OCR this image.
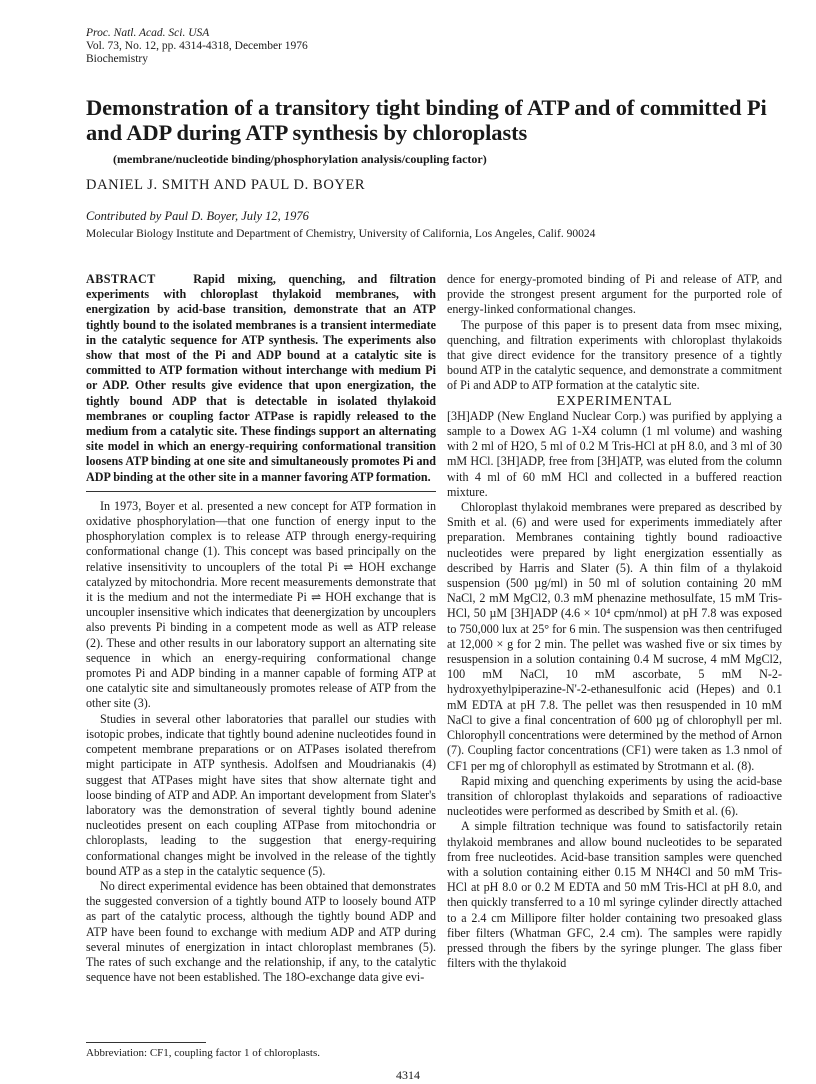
Proc. Natl. Acad. Sci. USA
Vol. 73, No. 12, pp. 4314-4318, December 1976
Biochemistry
Demonstration of a transitory tight binding of ATP and of committed Pi and ADP during ATP synthesis by chloroplasts
(membrane/nucleotide binding/phosphorylation analysis/coupling factor)
DANIEL J. SMITH AND PAUL D. BOYER
Contributed by Paul D. Boyer, July 12, 1976
Molecular Biology Institute and Department of Chemistry, University of California, Los Angeles, Calif. 90024

ABSTRACT	Rapid mixing, quenching, and filtration experiments with chloroplast thylakoid membranes, with energization by acid-base transition, demonstrate that an ATP tightly bound to the isolated membranes is a transient intermediate in the catalytic sequence for ATP synthesis. The experiments also show that most of the Pi and ADP bound at a catalytic site is committed to ATP formation without interchange with medium Pi or ADP. Other results give evidence that upon energization, the tightly bound ADP that is detectable in isolated thylakoid membranes or coupling factor ATPase is rapidly released to the medium from a catalytic site. These findings support an alternating site model in which an energy-requiring conformational transition loosens ATP binding at one site and simultaneously promotes Pi and ADP binding at the other site in a manner favoring ATP formation.

In 1973, Boyer et al. presented a new concept for ATP formation in oxidative phosphorylation—that one function of energy input to the phosphorylation complex is to release ATP through energy-requiring conformational change (1). This concept was based principally on the relative insensitivity to uncouplers of the total Pi ⇌ HOH exchange catalyzed by mitochondria. More recent measurements demonstrate that it is the medium and not the intermediate Pi ⇌ HOH exchange that is uncoupler insensitive which indicates that deenergization by uncouplers also prevents Pi binding in a competent mode as well as ATP release (2). These and other results in our laboratory support an alternating site sequence in which an energy-requiring conformational change promotes Pi and ADP binding in a manner capable of forming ATP at one catalytic site and simultaneously promotes release of ATP from the other site (3).

Studies in several other laboratories that parallel our studies with isotopic probes, indicate that tightly bound adenine nucleotides found in competent membrane preparations or on ATPases isolated therefrom might participate in ATP synthesis. Adolfsen and Moudrianakis (4) suggest that ATPases might have sites that show alternate tight and loose binding of ATP and ADP. An important development from Slater's laboratory was the demonstration of several tightly bound adenine nucleotides present on each coupling ATPase from mitochondria or chloroplasts, leading to the suggestion that energy-requiring conformational changes might be involved in the release of the tightly bound ATP as a step in the catalytic sequence (5).

No direct experimental evidence has been obtained that demonstrates the suggested conversion of a tightly bound ATP to loosely bound ATP as part of the catalytic process, although the tightly bound ADP and ATP have been found to exchange with medium ADP and ATP during several minutes of energization in intact chloroplast membranes (5). The rates of such exchange and the relationship, if any, to the catalytic sequence have not been established. The 18O-exchange data give evi-

dence for energy-promoted binding of Pi and release of ATP, and provide the strongest present argument for the purported role of energy-linked conformational changes.

The purpose of this paper is to present data from msec mixing, quenching, and filtration experiments with chloroplast thylakoids that give direct evidence for the transitory presence of a tightly bound ATP in the catalytic sequence, and demonstrate a commitment of Pi and ADP to ATP formation at the catalytic site.

EXPERIMENTAL

[3H]ADP (New England Nuclear Corp.) was purified by applying a sample to a Dowex AG 1-X4 column (1 ml volume) and washing with 2 ml of H2O, 5 ml of 0.2 M Tris-HCl at pH 8.0, and 3 ml of 30 mM HCl. [3H]ADP, free from [3H]ATP, was eluted from the column with 4 ml of 60 mM HCl and collected in a buffered reaction mixture.

Chloroplast thylakoid membranes were prepared as described by Smith et al. (6) and were used for experiments immediately after preparation. Membranes containing tightly bound radioactive nucleotides were prepared by light energization essentially as described by Harris and Slater (5). A thin film of a thylakoid suspension (500 µg/ml) in 50 ml of solution containing 20 mM NaCl, 2 mM MgCl2, 0.3 mM phenazine methosulfate, 15 mM Tris-HCl, 50 µM [3H]ADP (4.6 × 10⁴ cpm/nmol) at pH 7.8 was exposed to 750,000 lux at 25° for 6 min. The suspension was then centrifuged at 12,000 × g for 2 min. The pellet was washed five or six times by resuspension in a solution containing 0.4 M sucrose, 4 mM MgCl2, 100 mM NaCl, 10 mM ascorbate, 5 mM N-2-hydroxyethylpiperazine-N'-2-ethanesulfonic acid (Hepes) and 0.1 mM EDTA at pH 7.8. The pellet was then resuspended in 10 mM NaCl to give a final concentration of 600 µg of chlorophyll per ml. Chlorophyll concentrations were determined by the method of Arnon (7). Coupling factor concentrations (CF1) were taken as 1.3 nmol of CF1 per mg of chlorophyll as estimated by Strotmann et al. (8).

Rapid mixing and quenching experiments by using the acid-base transition of chloroplast thylakoids and separations of radioactive nucleotides were performed as described by Smith et al. (6).

A simple filtration technique was found to satisfactorily retain thylakoid membranes and allow bound nucleotides to be separated from free nucleotides. Acid-base transition samples were quenched with a solution containing either 0.15 M NH4Cl and 50 mM Tris-HCl at pH 8.0 or 0.2 M EDTA and 50 mM Tris-HCl at pH 8.0, and then quickly transferred to a 10 ml syringe cylinder directly attached to a 2.4 cm Millipore filter holder containing two presoaked glass fiber filters (Whatman GFC, 2.4 cm). The samples were rapidly pressed through the fibers by the syringe plunger. The glass fiber filters with the thylakoid

Abbreviation: CF1, coupling factor 1 of chloroplasts.
4314
